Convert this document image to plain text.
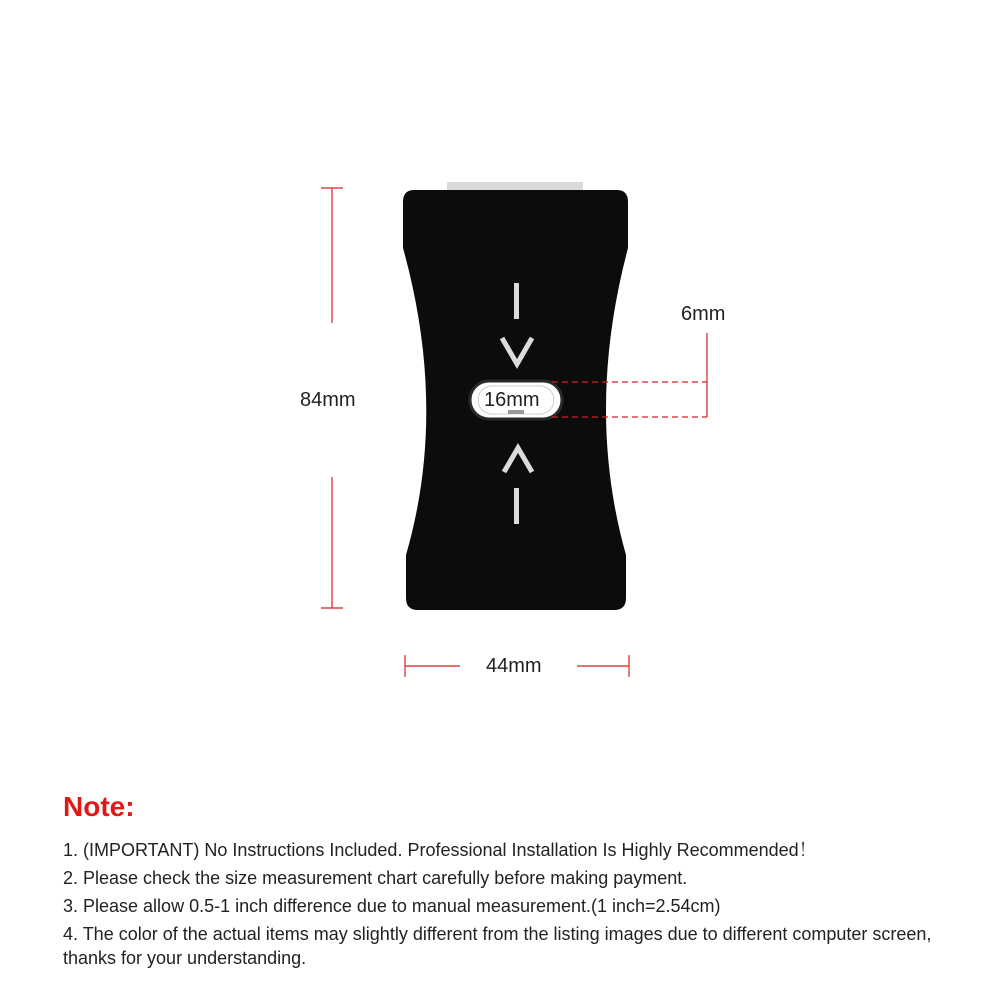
84mm
44mm
6mm
16mm
Note:

1. (IMPORTANT) No Instructions Included. Professional Installation Is Highly Recommended！

2. Please check the size measurement chart carefully before making payment.

3. Please allow 0.5-1 inch difference due to manual measurement.(1 inch=2.54cm)

4. The color of the actual items may slightly different from the listing images due to different computer screen, thanks for your understanding.
